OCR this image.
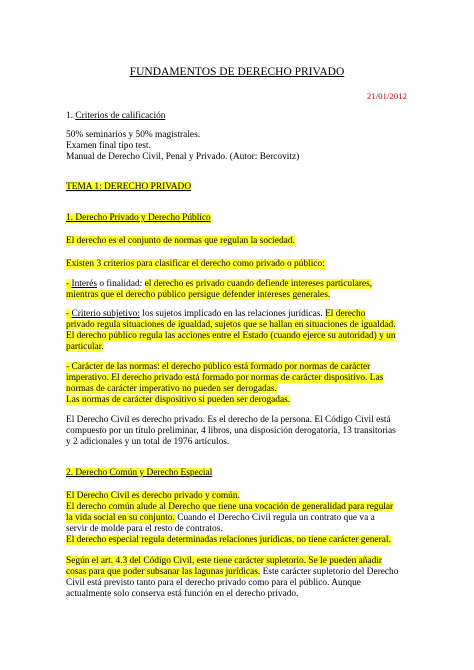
FUNDAMENTOS DE DERECHO PRIVADO
21/01/2012

1. Criterios de calificación

50% seminarios y 50% magistrales.

Examen final tipo test.

Manual de Derecho Civil, Penal y Privado. (Autor: Bercovitz)

TEMA 1: DERECHO PRIVADO

1. Derecho Privado y Derecho Público

El derecho es el conjunto de normas que regulan la sociedad.

Existen 3 criterios para clasificar el derecho como privado o público:

- Interés o finalidad: el derecho es privado cuando defiende intereses particulares,

mientras que el derecho público persigue defender intereses generales.

- Criterio subjetivo: los sujetos implicado en las relaciones jurídicas. El derecho

privado regula situaciones de igualdad, sujetos que se hallan en situaciones de igualdad.

El derecho público regula las acciones entre el Estado (cuando ejerce su autoridad) y un

particular.

- Carácter de las normas: el derecho público está formado por normas de carácter

imperativo. El derecho privado está formado por normas de carácter dispositivo. Las

normas de carácter imperativo no pueden ser derogadas.

Las normas de carácter dispositivo si pueden ser derogadas.

El Derecho Civil es derecho privado. Es el derecho de la persona. El Código Civil está

compuesto por un título preliminar, 4 libros, una disposición derogatoria, 13 transitorias

y 2 adicionales y un total de 1976 artículos.

2. Derecho Común y Derecho Especial

El Derecho Civil es derecho privado y común.

El derecho común alude al Derecho que tiene una vocación de generalidad para regular

la vida social en su conjunto. Cuando el Derecho Civil regula un contrato que va a

servir de molde para el resto de contratos.

El derecho especial regula determinadas relaciones jurídicas, no tiene carácter general.

Según el art. 4.3 del Código Civil, este tiene carácter supletorio. Se le pueden añadir

cosas para que poder subsanar las lagunas jurídicas. Este carácter supletorio del Derecho

Civil está previsto tanto para el derecho privado como para el público. Aunque

actualmente solo conserva está función en el derecho privado.
